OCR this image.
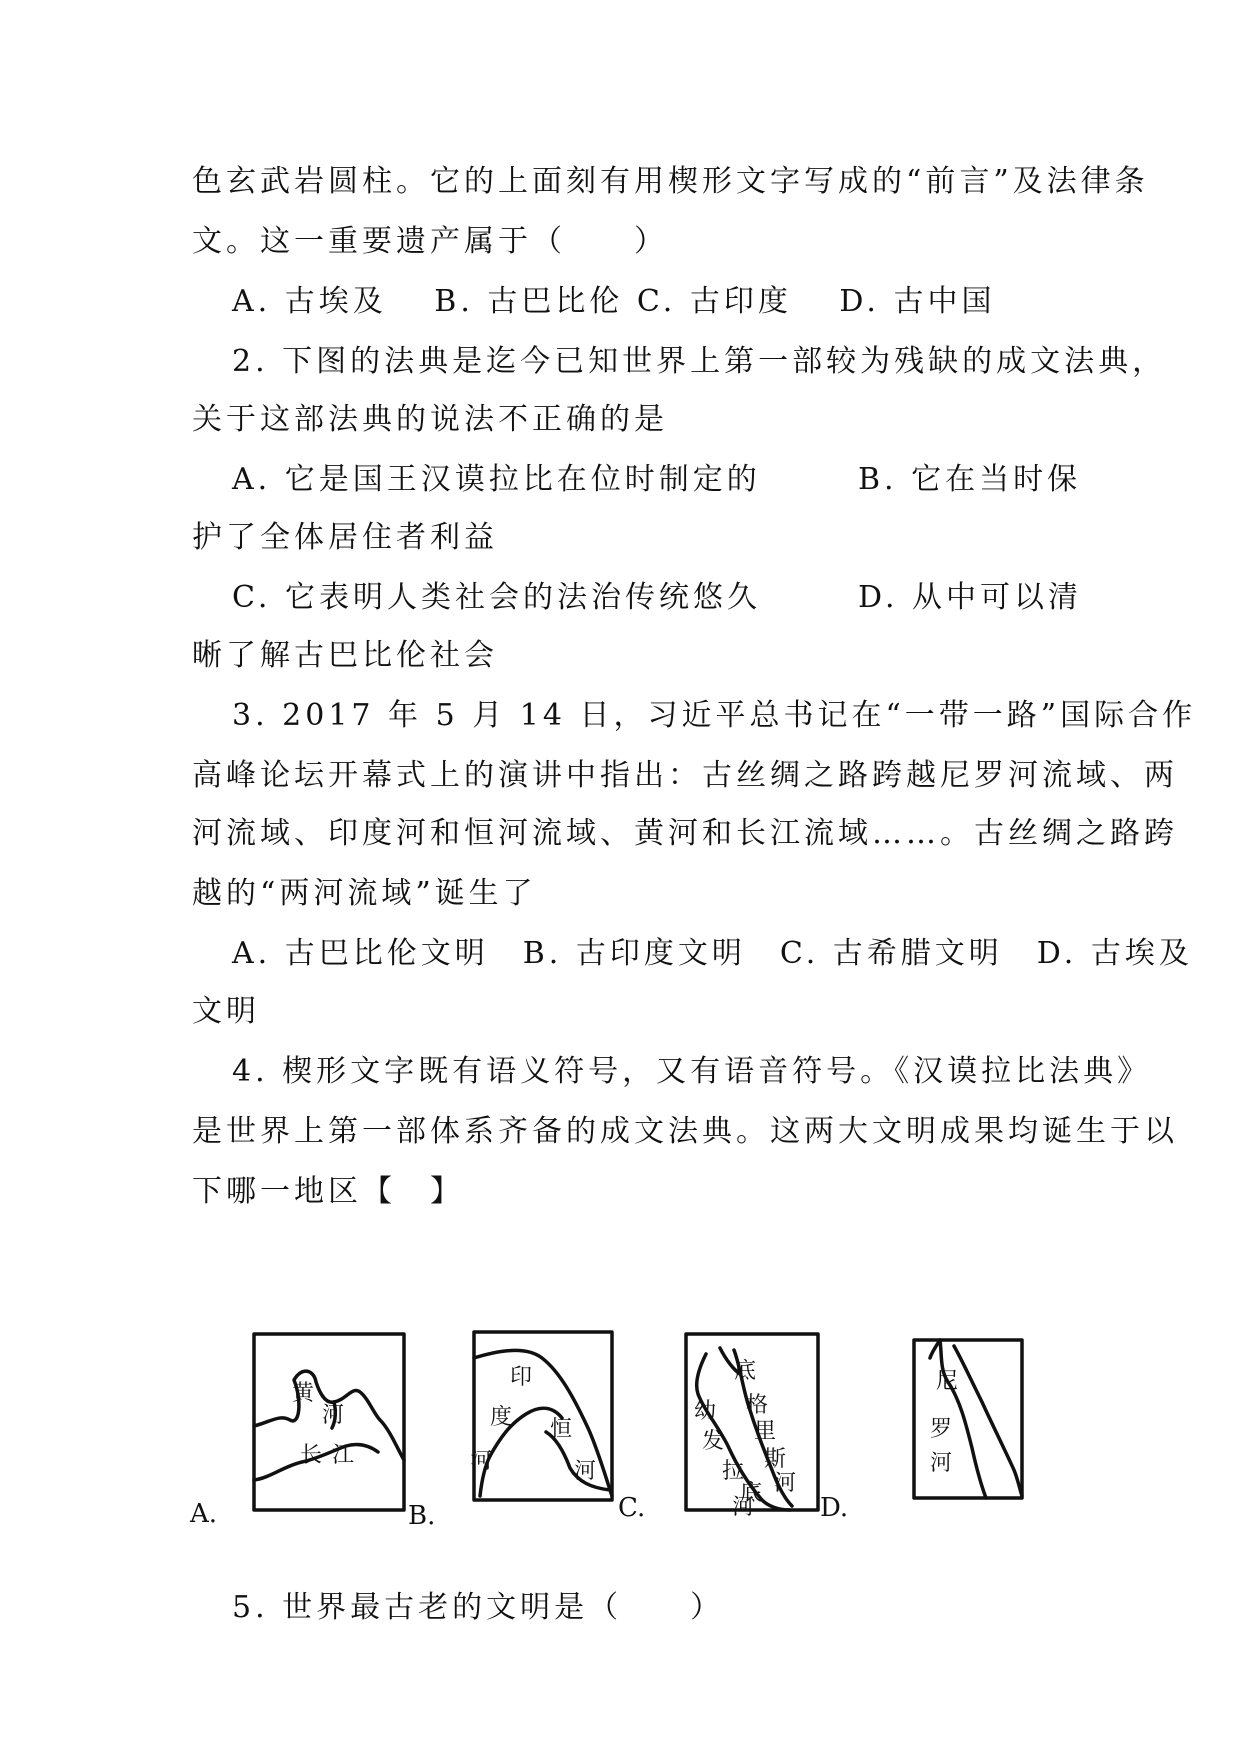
色玄武岩圆柱。它的上面刻有用楔形文字写成的“前言”及法律条
文。这一重要遗产属于（　　）
A. 古埃及　 B. 古巴比伦 C. 古印度　 D. 古中国
2. 下图的法典是迄今已知世界上第一部较为残缺的成文法典，
关于这部法典的说法不正确的是
A. 它是国王汉谟拉比在位时制定的	B. 它在当时保
护了全体居住者利益
C. 它表明人类社会的法治传统悠久	D. 从中可以清
晰了解古巴比伦社会
3. 2017 年 5 月 14 日，习近平总书记在“一带一路”国际合作
高峰论坛开幕式上的演讲中指出：古丝绸之路跨越尼罗河流域、两
河流域、印度河和恒河流域、黄河和长江流域……。古丝绸之路跨
越的“两河流域”诞生了
A. 古巴比伦文明　B. 古印度文明　C. 古希腊文明　D. 古埃及
文明
4. 楔形文字既有语义符号，又有语音符号。《汉谟拉比法典》
是世界上第一部体系齐备的成文法典。这两大文明成果均诞生于以
下哪一地区【　】
A.
黄
河
长 江
B.
印
度
河
恒
河
C.
幼
发
拉
底
河
底
格
里
斯
河
D.
尼
罗
河
5. 世界最古老的文明是（　　）
